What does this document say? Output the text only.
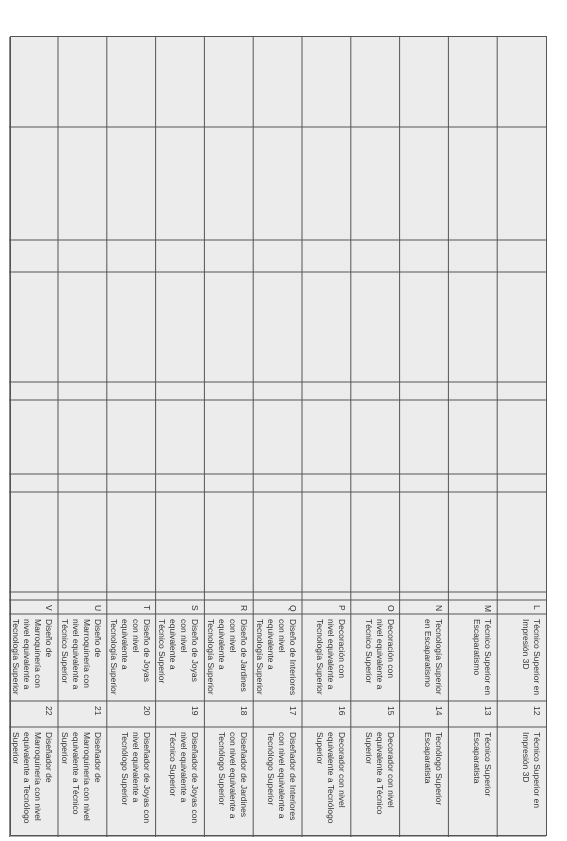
Técnico Superior en Impresión 3D
12
Técnico Superior en Impresión 3D
L
Técnico Superior Escaparatista
13
Técnico Superior en Escaparatismo
M
Tecnólogo Superior Escaparatista
14
Tecnología Superior en Escaparatismo
N
Decorador con nivel equivalente a Técnico Superior
15
Decoración con nivel equivalente a Técnico Superior
O
Decorador con nivel equivalente a Tecnólogo Superior
16
Decoración con nivel equivalente a Tecnología Superior
P
Diseñador de Interiores con nivel equivalente a Tecnólogo Superior
17
Diseño de Interiores con nivel equivalente a Tecnología Superior
Q
Diseñador de Jardines con nivel equivalente a Tecnólogo Superior
18
Diseño de Jardines con nivel equivalente a Tecnología Superior
R
Diseñador de Joyas con nivel equivalente a Técnico Superior
19
Diseño de Joyas con nivel equivalente a Técnico Superior
S
Diseñador de Joyas con nivel equivalente a Tecnólogo Superior
20
Diseño de Joyas con nivel equivalente a Tecnología Superior
T
Diseñador de Marroquinería con nivel equivalente a Técnico Superior
21
Diseño de Marroquinería con nivel equivalente a Técnico Superior
U
Diseñador de Marroquinería con nivel equivalente a Tecnólogo Superior
22
Diseño de Marroquinería con nivel equivalente a Tecnología Superior
V
